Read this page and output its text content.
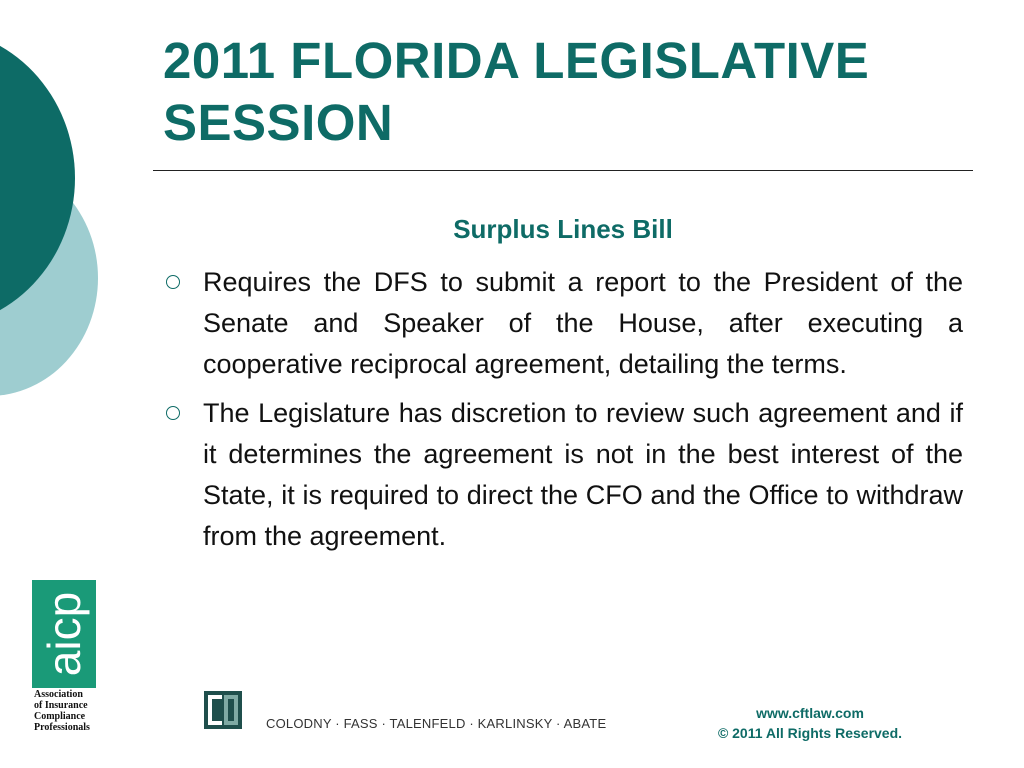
2011 FLORIDA LEGISLATIVE SESSION
Surplus Lines Bill
Requires the DFS to submit a report to the President of the Senate and Speaker of the House, after executing a cooperative reciprocal agreement, detailing the terms.
The Legislature has discretion to review such agreement and if it determines the agreement is not in the best interest of the State, it is required to direct the CFO and the Office to withdraw from the agreement.
aicp
Association
of Insurance
Compliance
Professionals	COLODNY · FASS · TALENFELD · KARLINSKY · ABATE
www.cftlaw.com
© 2011 All Rights Reserved.
